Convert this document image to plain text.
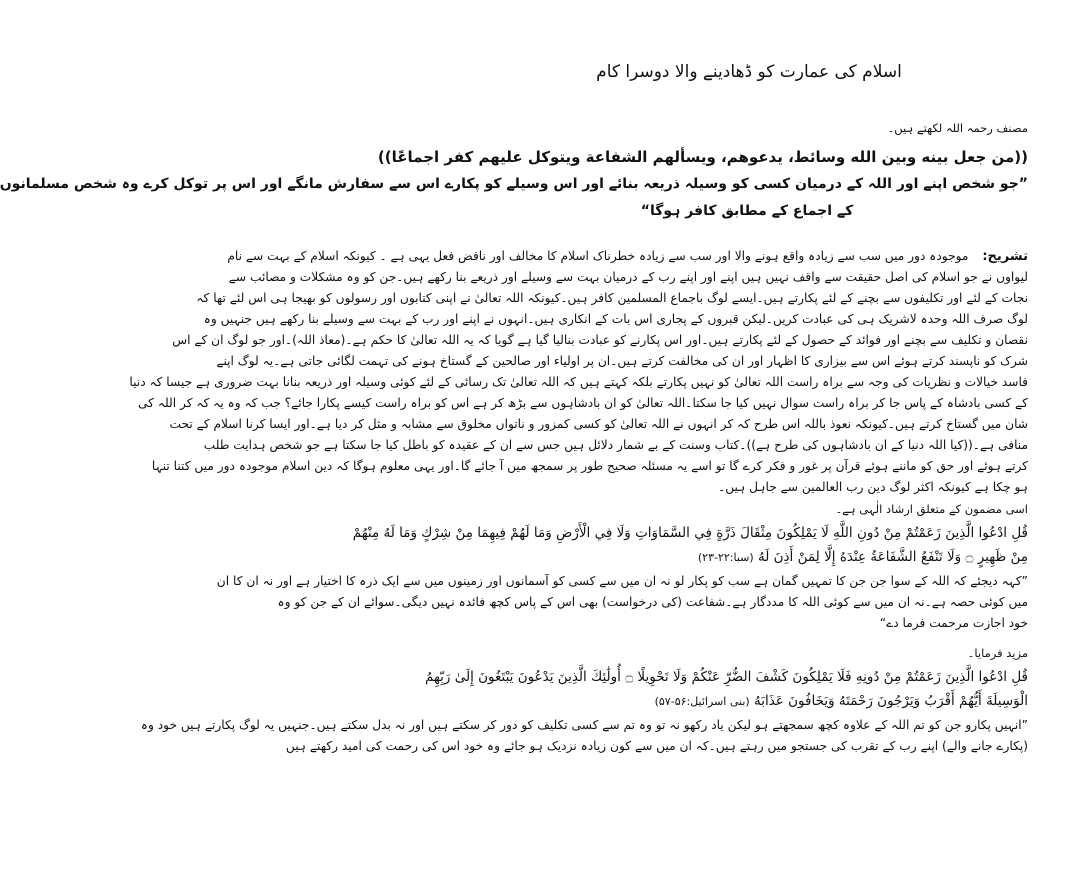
اسلام کی عمارت کو ڈھادینے والا دوسرا کام
مصنف رحمہ اللہ لکھتے ہیں۔
((من جعل بينه وبين الله وسائط، يدعوهم، ويسألهم الشفاعة ويتوكل عليهم كفر اجماعًا))
”جو شخص اپنے اور اللہ کے درمیان کسی کو وسیلہ ذریعہ بنائے اور اس وسیلے کو پکارے اس سے سفارش مانگے اور اس پر توکل کرے وہ شخص مسلمانوں
کے اجماع کے مطابق کافر ہوگا“
تشریح: موجودہ دور میں سب سے زیادہ واقع ہونے والا اور سب سے زیادہ خطرناک اسلام کا مخالف اور ناقض فعل یہی ہے ۔ کیونکہ اسلام کے بہت سے نام
لیواوں نے جو اسلام کی اصل حقیقت سے واقف نہیں ہیں اپنے اور اپنے رب کے درمیان بہت سے وسیلے اور ذریعے بنا رکھے ہیں۔جن کو وہ مشکلات و مصائب سے
نجات کے لئے اور تکلیفوں سے بچنے کے لئے پکارتے ہیں۔ایسے لوگ باجماع المسلمین کافر ہیں۔کیونکہ اللہ تعالیٰ نے اپنی کتابوں اور رسولوں کو بھیجا ہی اس لئے تھا کہ
لوگ صرف اللہ وحدہ لاشریک ہی کی عبادت کریں۔لیکن قبروں کے پجاری اس بات کے انکاری ہیں۔انہوں نے اپنے اور رب کے بہت سے وسیلے بنا رکھے ہیں جنہیں وہ
نقصان و تکلیف سے بچنے اور فوائد کے حصول کے لئے پکارتے ہیں۔اور اس پکارنے کو عبادت بنالیا گیا ہے گویا کہ یہ اللہ تعالیٰ کا حکم ہے۔(معاذ اللہ)۔اور جو لوگ ان کے اس
شرک کو ناپسند کرتے ہوئے اس سے بیزاری کا اظہار اور ان کی مخالفت کرتے ہیں۔ان پر اولیاء اور صالحین کے گستاخ ہونے کی تہمت لگائی جاتی ہے۔یہ لوگ اپنے
فاسد خیالات و نظریات کی وجہ سے براہ راست اللہ تعالیٰ کو نہیں پکارتے بلکہ کہتے ہیں کہ اللہ تعالیٰ تک رسائی کے لئے کوئی وسیلہ اور ذریعہ بنانا بہت ضروری ہے جیسا کہ دنیا
کے کسی بادشاہ کے پاس جا کر براہ راست سوال نہیں کیا جا سکتا۔اللہ تعالیٰ کو ان بادشاہوں سے بڑھ کر ہے اس کو براہ راست کیسے پکارا جائے؟ جب کہ وہ یہ کہ کر اللہ کی
شان میں گستاخ کرتے ہیں۔کیونکہ نعوذ باللہ اس طرح کہ کر انہوں نے اللہ تعالیٰ کو کسی کمزور و ناتواں مخلوق سے مشابہ و مثل کر دیا ہے۔اور ایسا کرنا اسلام کے تحت
منافی ہے۔((کیا اللہ دنیا کے ان بادشاہوں کی طرح ہے))۔کتاب وسنت کے بے شمار دلائل ہیں جس سے ان کے عقیدہ کو باطل کیا جا سکتا ہے جو شخص ہدایت طلب
کرتے ہوئے اور حق کو ماننے ہوئے قرآن پر غور و فکر کرے گا تو اسے یہ مسئلہ صحیح طور پر سمجھ میں آ جائے گا۔اور یہی معلوم ہوگا کہ دین اسلام موجودہ دور میں کتنا تنہا
ہو چکا ہے کیونکہ اکثر لوگ دین رب العالمین سے جاہل ہیں۔
اسی مضمون کے متعلق ارشاد الٰہی ہے۔
قُلِ ادْعُوا الَّذِينَ زَعَمْتُمْ مِنْ دُونِ اللَّهِ لَا يَمْلِكُونَ مِثْقَالَ ذَرَّةٍ فِي السَّمَاوَاتِ وَلَا فِي الْأَرْضِ وَمَا لَهُمْ فِيهِمَا مِنْ شِرْكٍ وَمَا لَهُ مِنْهُمْ
مِنْ ظَهِيرٍ ۝ وَلَا تَنْفَعُ الشَّفَاعَةُ عِنْدَهُ إِلَّا لِمَنْ أَذِنَ لَهُ (سبا:۲۲-۲۳)
”کہہ دیجئے کہ اللہ کے سوا جن جن کا تمہیں گمان ہے سب کو پکار لو نہ ان میں سے کسی کو آسمانوں اور زمینوں میں سے ایک ذرہ کا اختیار ہے اور نہ ان کا ان
میں کوئی حصہ ہے۔نہ ان میں سے کوئی اللہ کا مددگار ہے۔شفاعت (کی درخواست) بھی اس کے پاس کچھ فائدہ نہیں دیگی۔سوائے ان کے جن کو وہ
خود اجازت مرحمت فرما دے“
مزید فرمایا۔
قُلِ ادْعُوا الَّذِينَ زَعَمْتُمْ مِنْ دُونِهِ فَلَا يَمْلِكُونَ كَشْفَ الضُّرِّ عَنْكُمْ وَلَا تَحْوِيلًا ۝ أُولَٰئِكَ الَّذِينَ يَدْعُونَ يَبْتَغُونَ إِلَىٰ رَبِّهِمُ
الْوَسِيلَةَ أَيُّهُمْ أَقْرَبُ وَيَرْجُونَ رَحْمَتَهُ وَيَخَافُونَ عَذَابَهُ (بنی اسرائیل:۵۶-۵۷)
”انہیں پکارو جن کو تم اللہ کے علاوہ کچھ سمجھتے ہو لیکن یاد رکھو نہ تو وہ تم سے کسی تکلیف کو دور کر سکتے ہیں اور نہ بدل سکتے ہیں۔جنہیں یہ لوگ پکارتے ہیں خود وہ
(پکارے جانے والے) اپنے رب کے تقرب کی جستجو میں رہتے ہیں۔کہ ان میں سے کون زیادہ نزدیک ہو جائے وہ خود اس کی رحمت کی امید رکھتے ہیں
